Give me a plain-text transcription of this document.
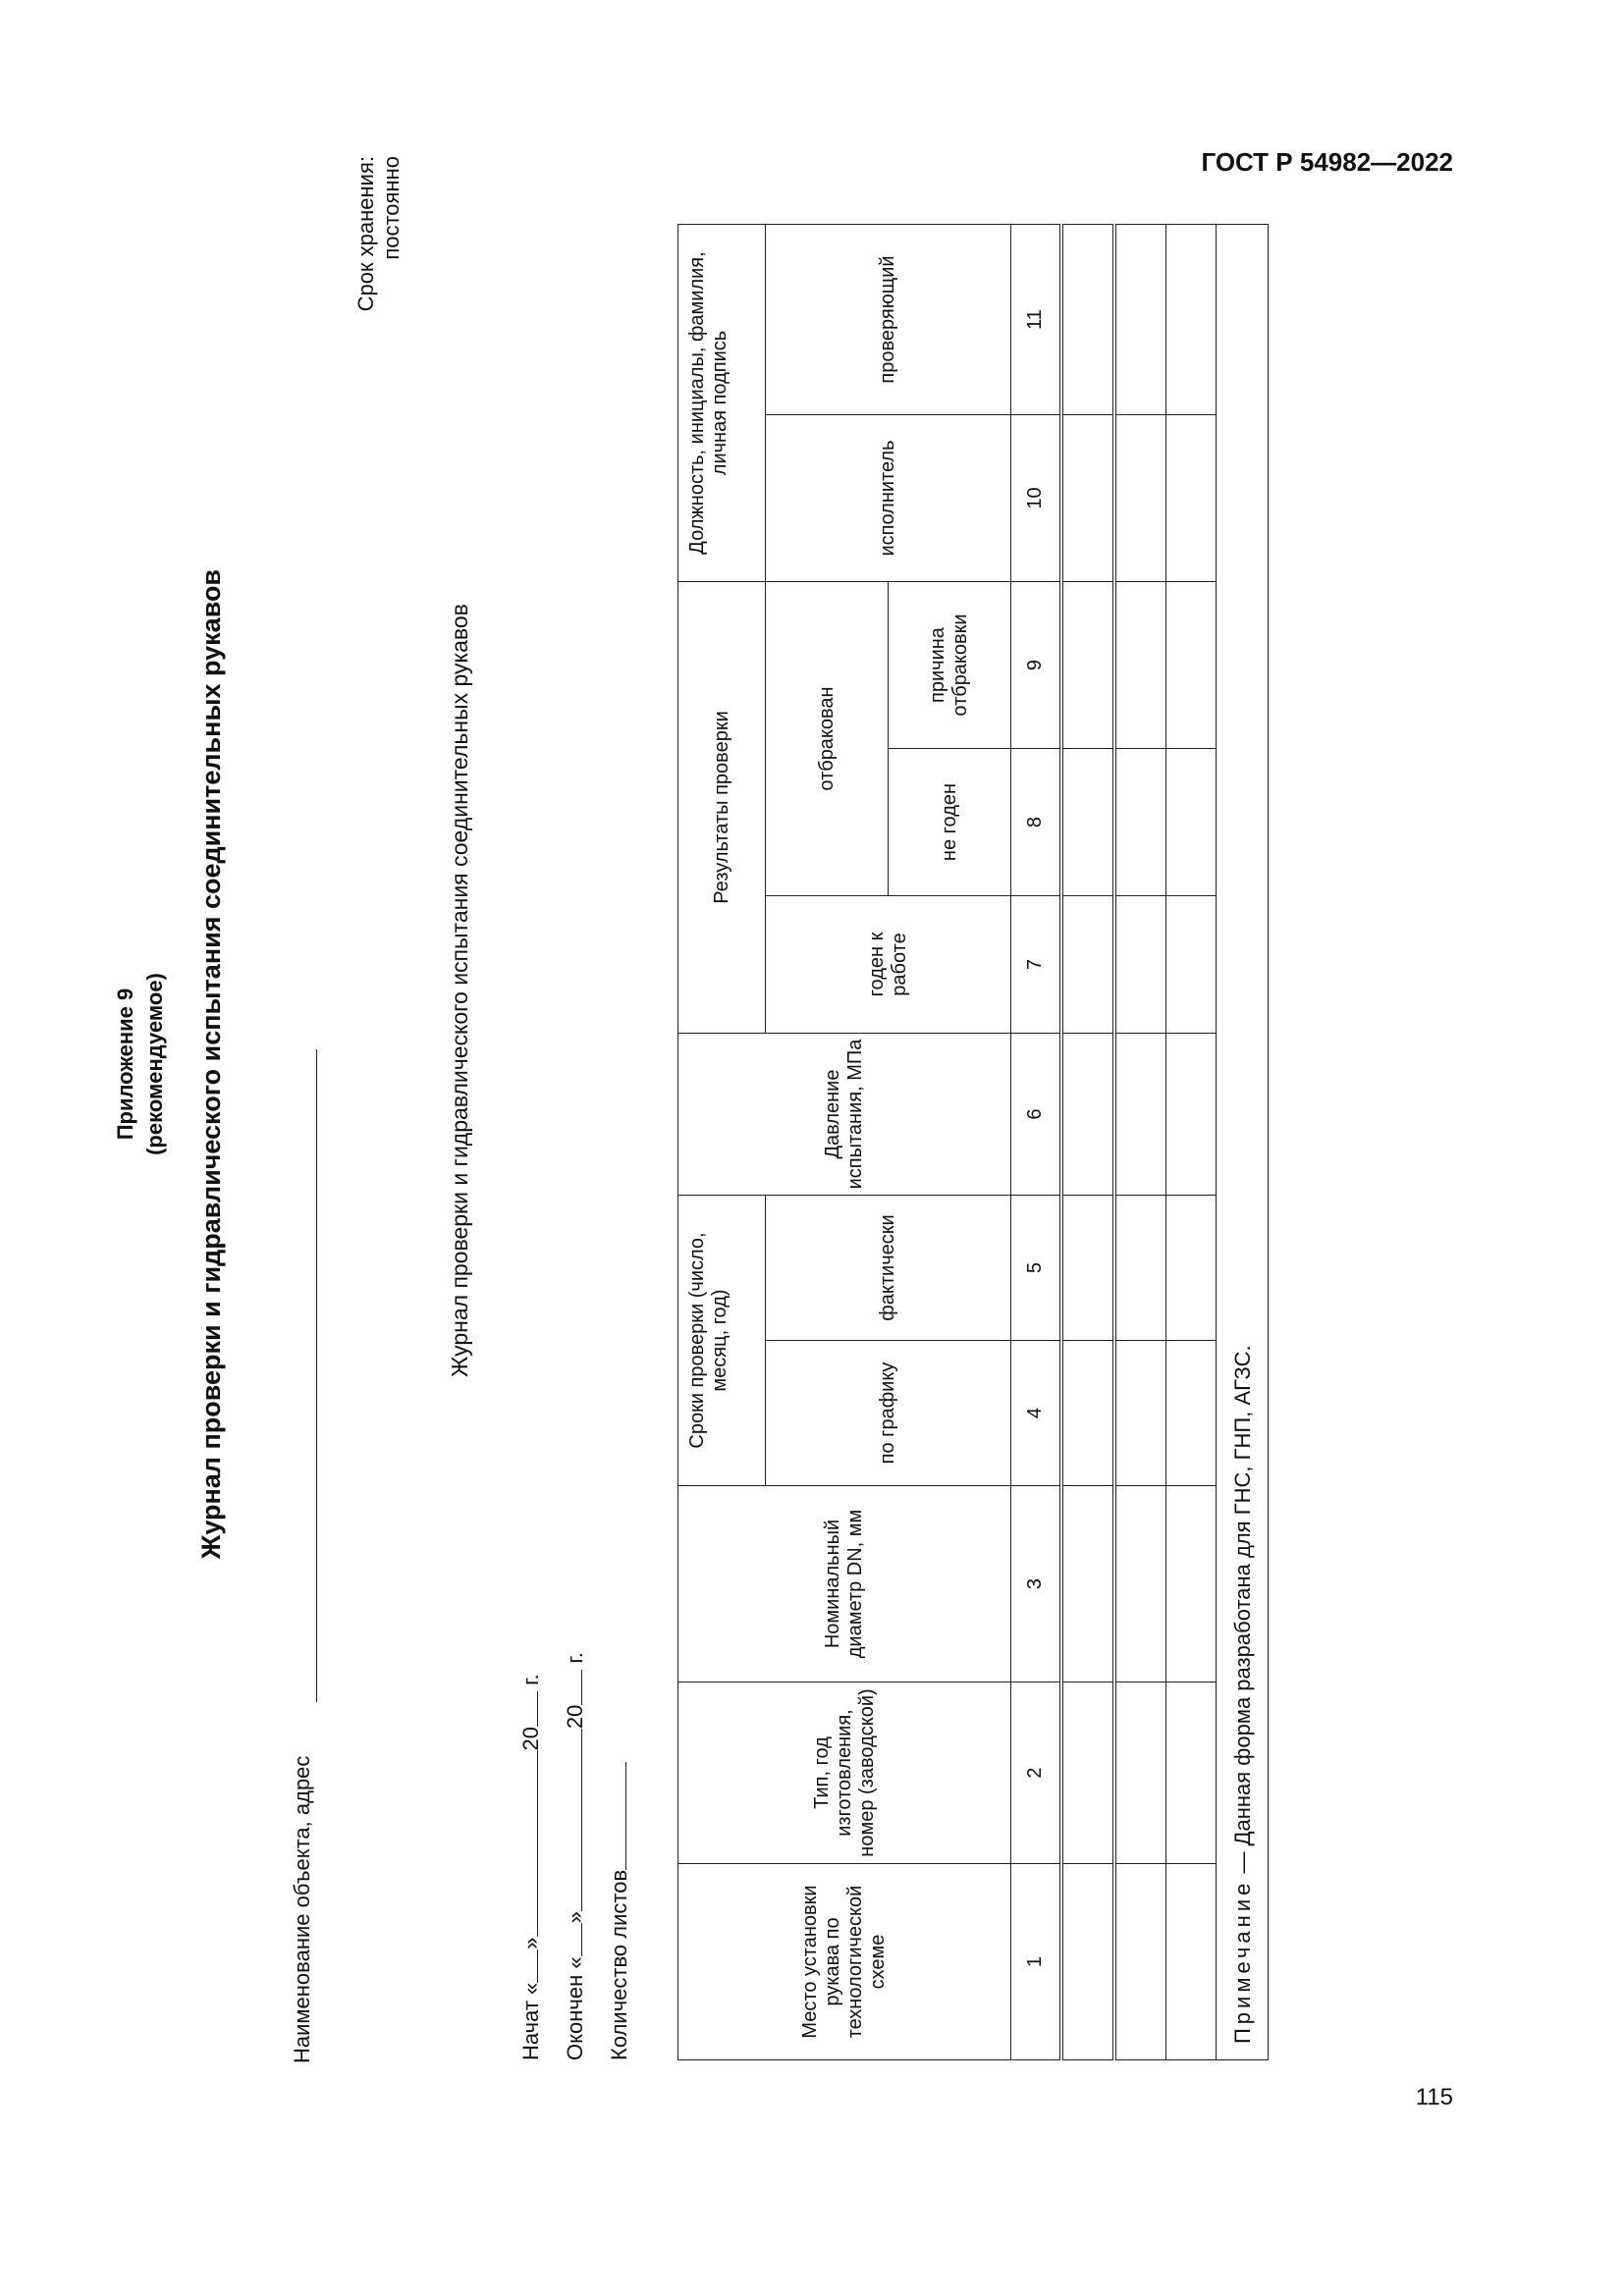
ГОСТ Р 54982—2022
Приложение 9 (рекомендуемое) Журнал проверки и гидравлического испытания соединительных рукавов
Срок хранения: постоянно
Наименование объекта, адрес
Журнал проверки и гидравлического испытания соединительных рукавов
Начат «»20 г.
Окончен «»20 г.
Количество листов	Место установки рукава по технологической схеме	Тип, год изготовления, номер (заводской)	Номинальный диаметр DN, мм	Сроки проверки (число, месяц, год)		Давление испытания, МПа	Результаты проверки			Должность, инициалы, фамилия, личная подпись	
			по графику	фактически		годен к работе	отбракован		исполнитель	проверяющий
							не годен	причина отбраковки		
1	2	3	4	5	6	7	8	9	10	11

Примечание — Данная форма разработана для ГНС, ГНП, АГЗС.										
115
